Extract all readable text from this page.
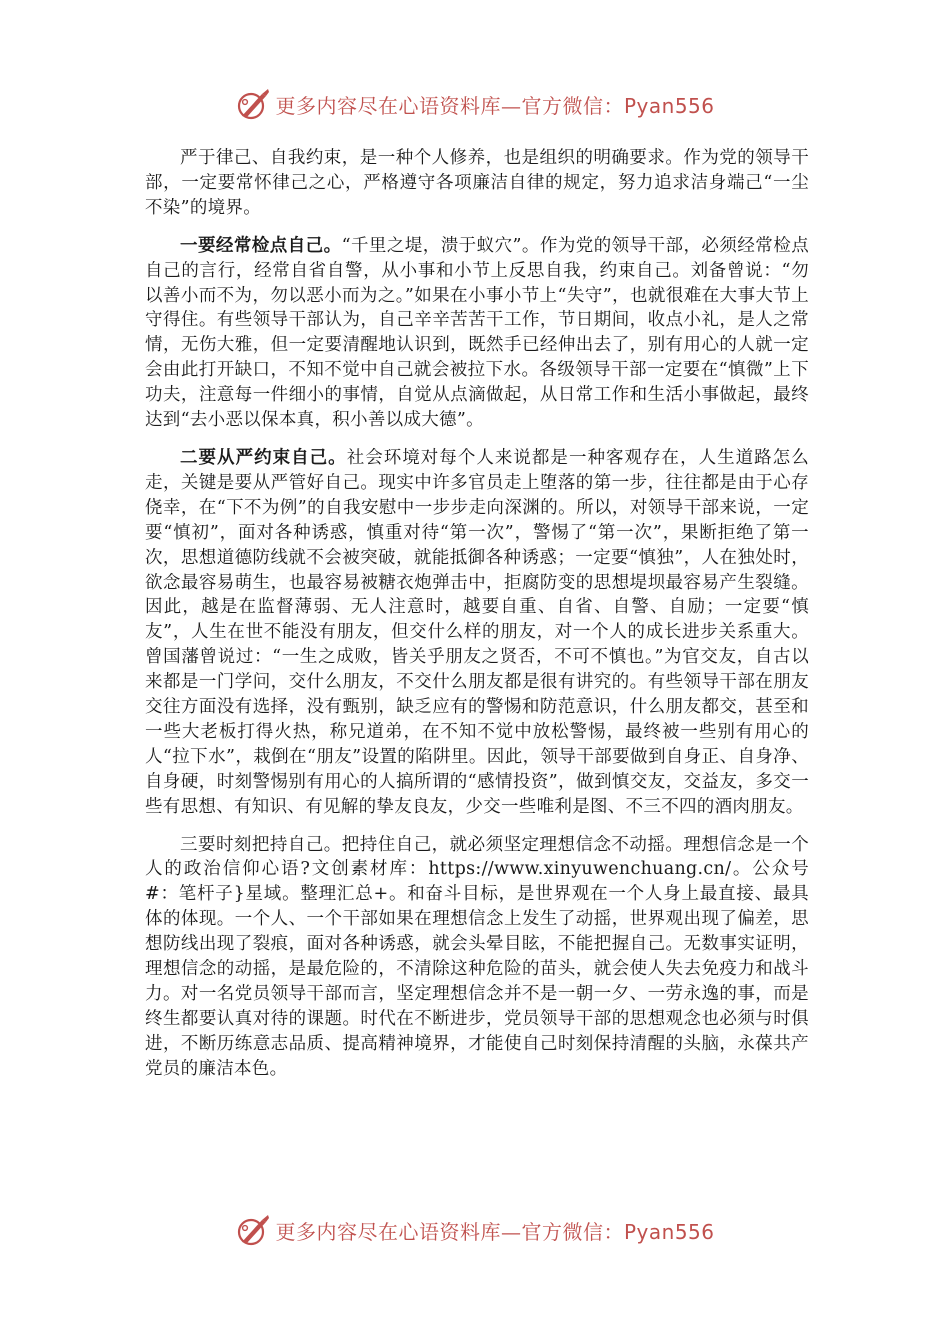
更多内容尽在心语资料库—官方微信：Pyan556

严于律己、自我约束，是一种个人修养，也是组织的明确要求。作为党的领导干部，一定要常怀律己之心，严格遵守各项廉洁自律的规定，努力追求洁身端己“一尘不染”的境界。

一要经常检点自己。“千里之堤，溃于蚁穴”。作为党的领导干部，必须经常检点自己的言行，经常自省自警，从小事和小节上反思自我，约束自己。刘备曾说：“勿以善小而不为，勿以恶小而为之。”如果在小事小节上“失守”，也就很难在大事大节上守得住。有些领导干部认为，自己辛辛苦苦干工作，节日期间，收点小礼，是人之常情，无伤大雅，但一定要清醒地认识到，既然手已经伸出去了，别有用心的人就一定会由此打开缺口，不知不觉中自己就会被拉下水。各级领导干部一定要在“慎微”上下功夫，注意每一件细小的事情，自觉从点滴做起，从日常工作和生活小事做起，最终达到“去小恶以保本真，积小善以成大德”。

二要从严约束自己。社会环境对每个人来说都是一种客观存在，人生道路怎么走，关键是要从严管好自己。现实中许多官员走上堕落的第一步，往往都是由于心存侥幸，在“下不为例”的自我安慰中一步步走向深渊的。所以，对领导干部来说，一定要“慎初”，面对各种诱惑，慎重对待“第一次”，警惕了“第一次”，果断拒绝了第一次，思想道德防线就不会被突破，就能抵御各种诱惑；一定要“慎独”，人在独处时，欲念最容易萌生，也最容易被糖衣炮弹击中，拒腐防变的思想堤坝最容易产生裂缝。因此，越是在监督薄弱、无人注意时，越要自重、自省、自警、自励；一定要“慎友”，人生在世不能没有朋友，但交什么样的朋友，对一个人的成长进步关系重大。曾国藩曾说过：“一生之成败，皆关乎朋友之贤否，不可不慎也。”为官交友，自古以来都是一门学问，交什么朋友，不交什么朋友都是很有讲究的。有些领导干部在朋友交往方面没有选择，没有甄别，缺乏应有的警惕和防范意识，什么朋友都交，甚至和一些大老板打得火热，称兄道弟，在不知不觉中放松警惕，最终被一些别有用心的人“拉下水”，栽倒在“朋友”设置的陷阱里。因此，领导干部要做到自身正、自身净、自身硬，时刻警惕别有用心的人搞所谓的“感情投资”，做到慎交友，交益友，多交一些有思想、有知识、有见解的挚友良友，少交一些唯利是图、不三不四的酒肉朋友。

三要时刻把持自己。把持住自己，就必须坚定理想信念不动摇。理想信念是一个人的政治信仰心语?文创素材库：https://www.xinyuwenchuang.cn/。公众号#：笔杆子}星域。整理汇总+。和奋斗目标，是世界观在一个人身上最直接、最具体的体现。一个人、一个干部如果在理想信念上发生了动摇，世界观出现了偏差，思想防线出现了裂痕，面对各种诱惑，就会头晕目眩，不能把握自己。无数事实证明，理想信念的动摇，是最危险的，不清除这种危险的苗头，就会使人失去免疫力和战斗力。对一名党员领导干部而言，坚定理想信念并不是一朝一夕、一劳永逸的事，而是终生都要认真对待的课题。时代在不断进步，党员领导干部的思想观念也必须与时俱进，不断历练意志品质、提高精神境界，才能使自己时刻保持清醒的头脑，永葆共产党员的廉洁本色。

更多内容尽在心语资料库—官方微信：Pyan556
